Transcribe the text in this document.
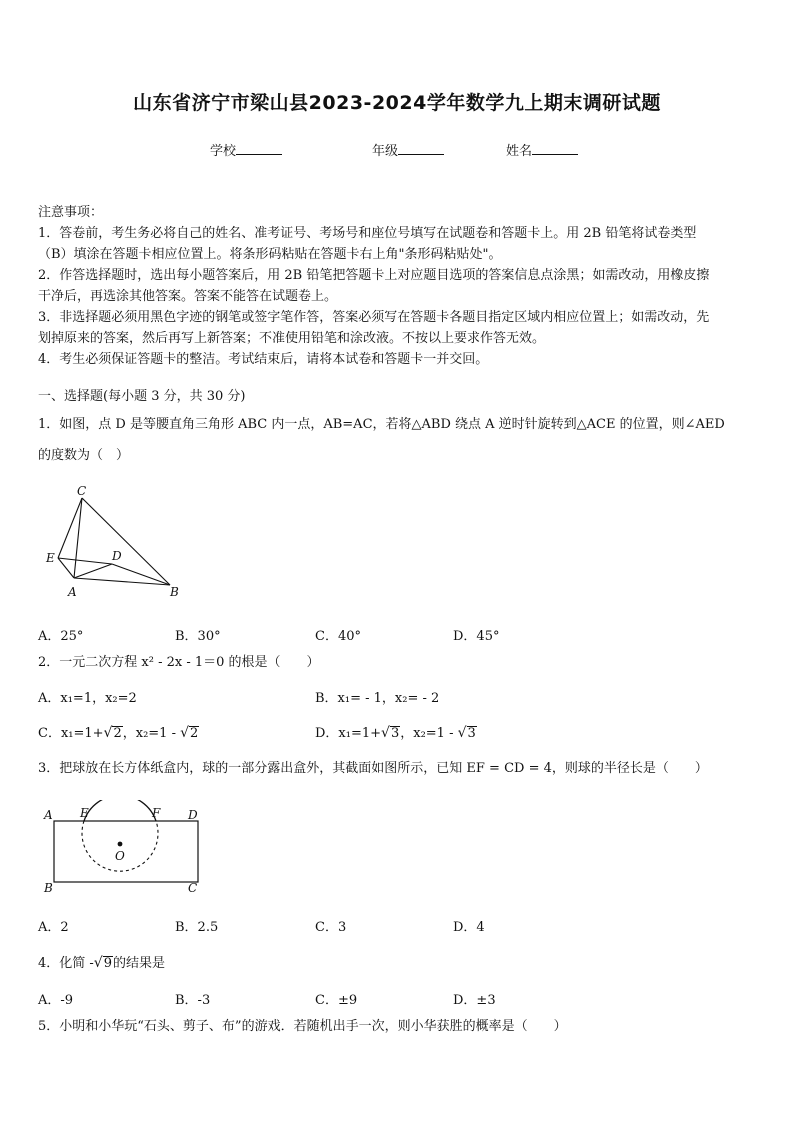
山东省济宁市梁山县2023-2024学年数学九上期末调研试题
学校	年级	姓名
注意事项：
1．答卷前，考生务必将自己的姓名、准考证号、考场号和座位号填写在试题卷和答题卡上。用 2B 铅笔将试卷类型
（B）填涂在答题卡相应位置上。将条形码粘贴在答题卡右上角"条形码粘贴处"。
2．作答选择题时，选出每小题答案后，用 2B 铅笔把答题卡上对应题目选项的答案信息点涂黑；如需改动，用橡皮擦
干净后，再选涂其他答案。答案不能答在试题卷上。
3．非选择题必须用黑色字迹的钢笔或签字笔作答，答案必须写在答题卡各题目指定区域内相应位置上；如需改动，先
划掉原来的答案，然后再写上新答案；不准使用铅笔和涂改液。不按以上要求作答无效。
4．考生必须保证答题卡的整洁。考试结束后，请将本试卷和答题卡一并交回。
一、选择题(每小题 3 分，共 30 分)
1．如图，点 D 是等腰直角三角形 ABC 内一点，AB=AC，若将△ABD 绕点 A 逆时针旋转到△ACE 的位置，则∠AED
的度数为（　）
C
E	D
A	B
A．25°	B．30°	C．40°	D．45°
2．一元二次方程 x² - 2x - 1＝0 的根是（　　）
A．x₁=1，x₂=2	B．x₁= - 1，x₂= - 2
C．x₁=1+√2，x₂=1 - √2	D．x₁=1+√3，x₂=1 - √3
3．把球放在长方体纸盒内，球的一部分露出盒外，其截面如图所示，已知 EF = CD = 4，则球的半径长是（　　）
A E	F D
O
B	C
A．2	B．2.5	C．3	D．4
4．化简 -√9的结果是
A．-9	B．-3	C．±9	D．±3
5．小明和小华玩“石头、剪子、布”的游戏．若随机出手一次，则小华获胜的概率是（　　）
